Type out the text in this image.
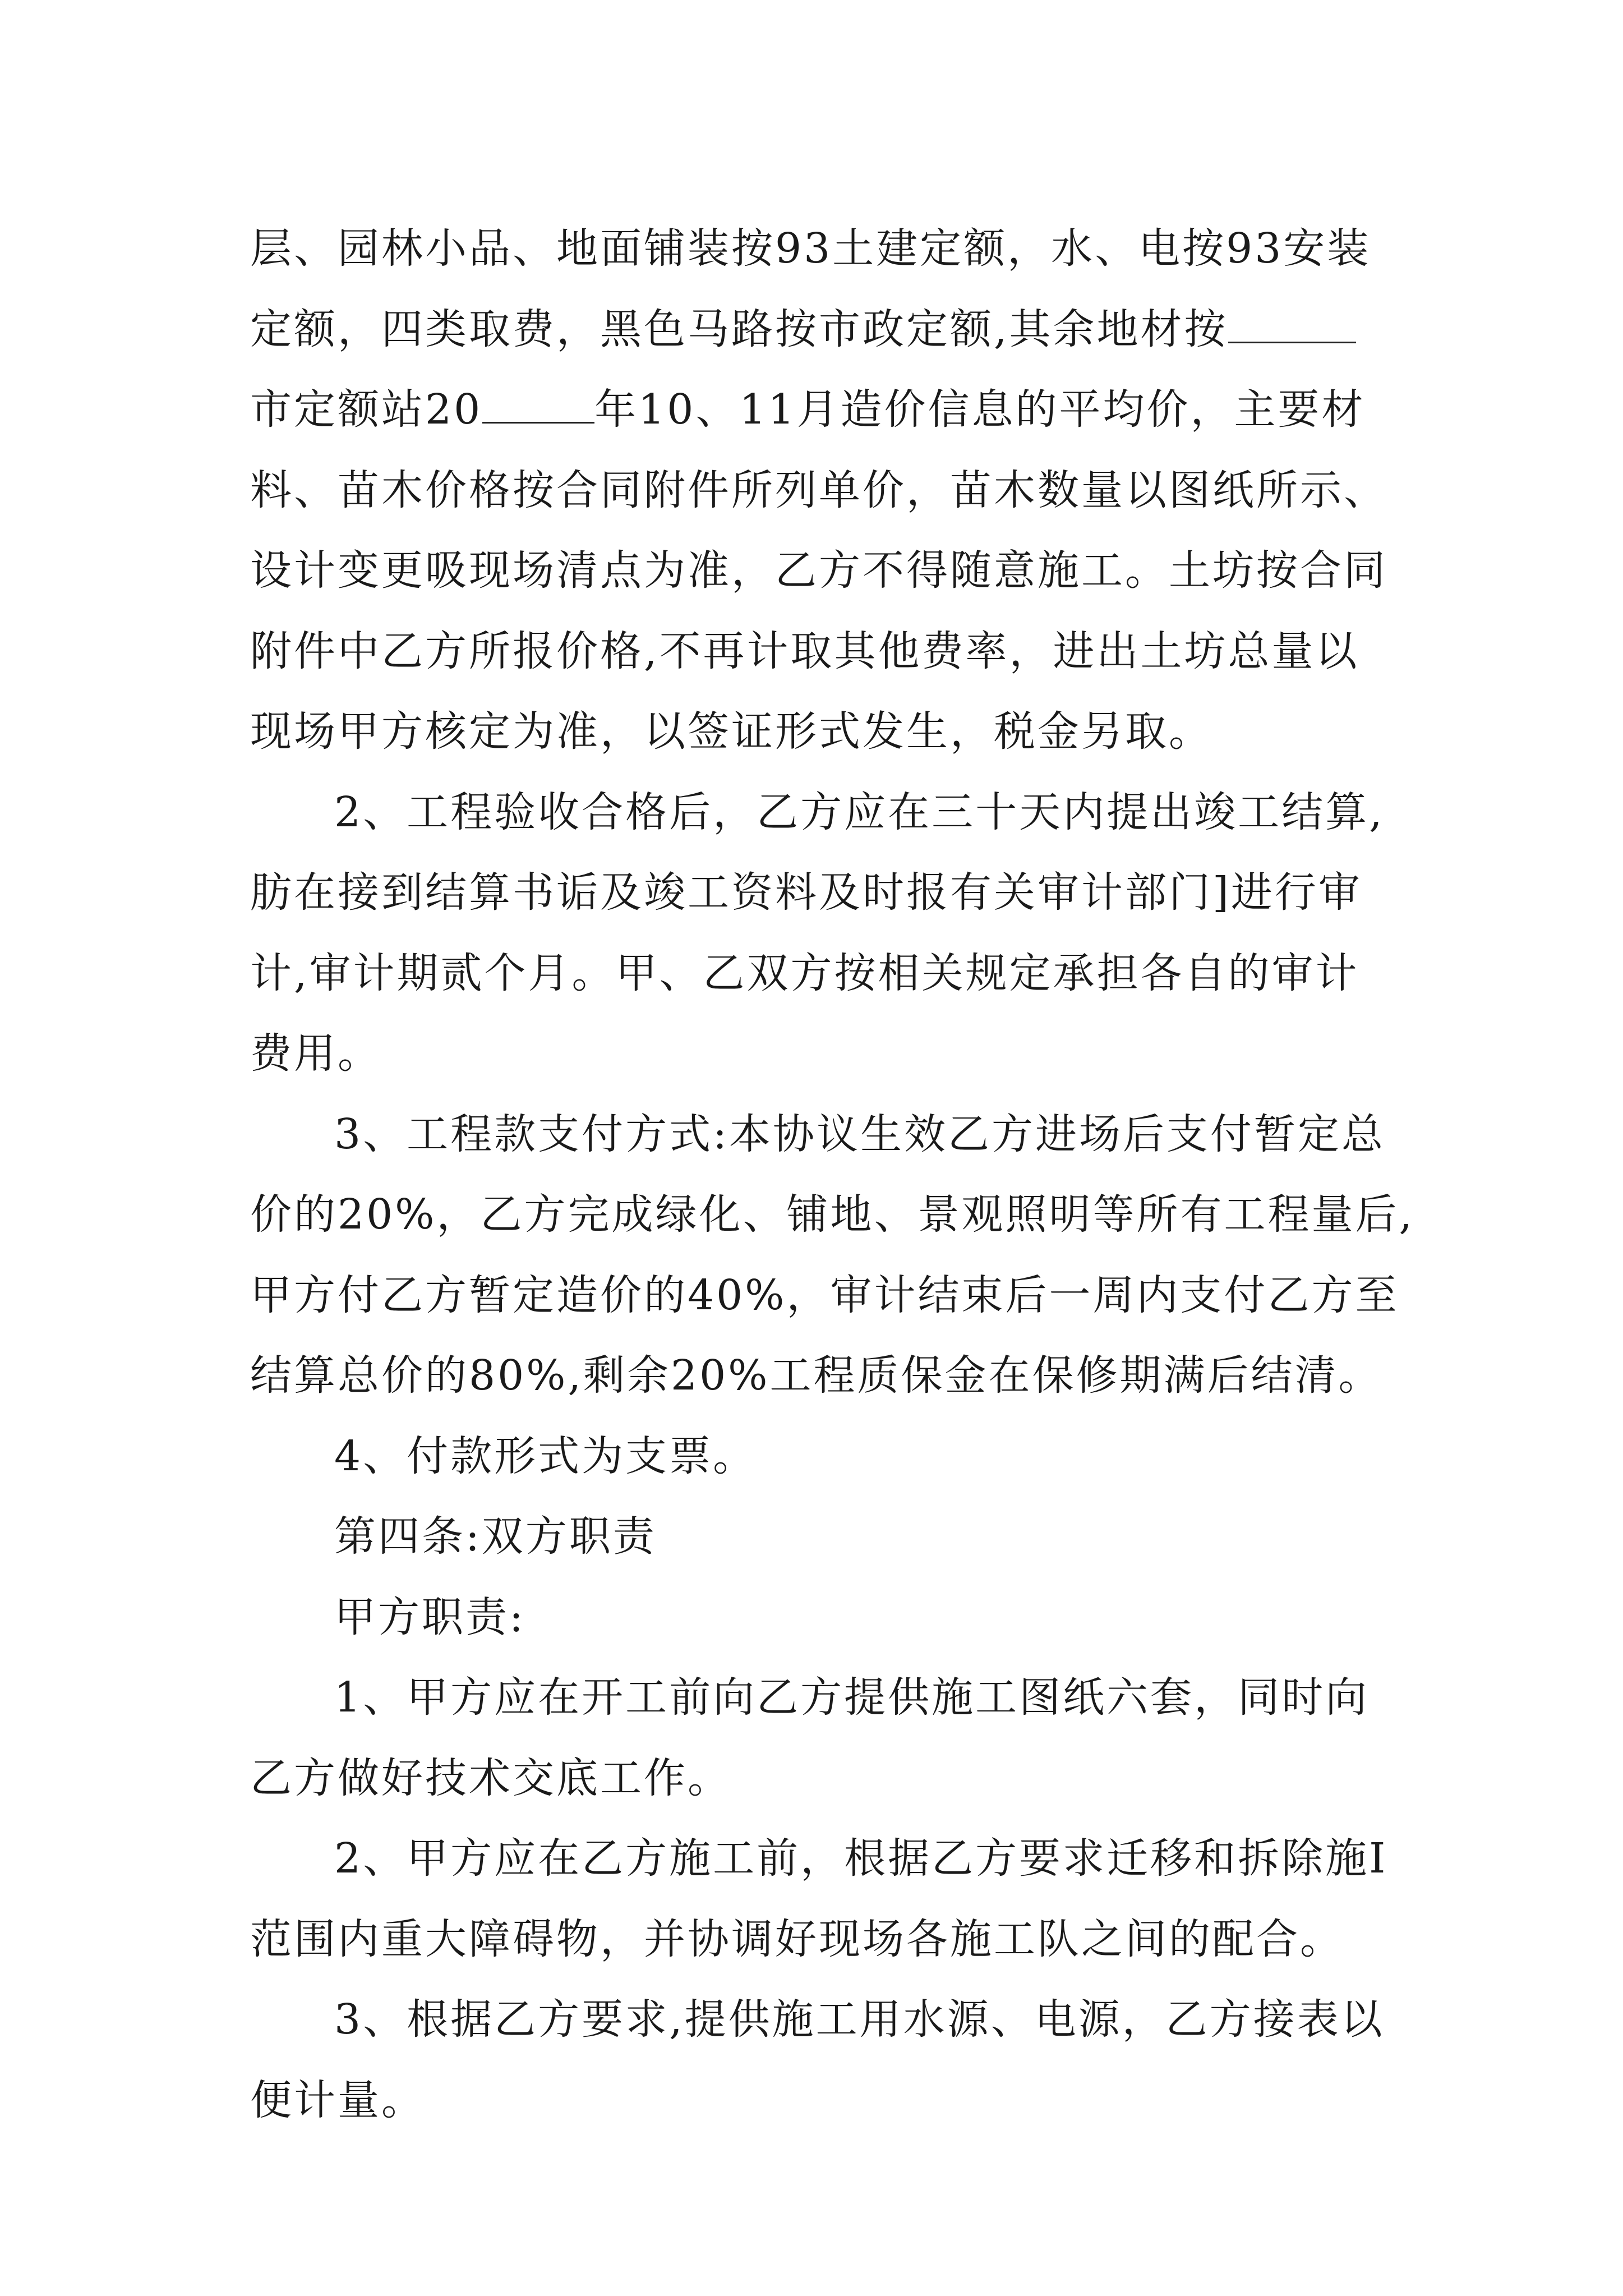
层、园林小品、地面铺装按93土建定额，水、电按93安装
定额，四类取费，黑色马路按市政定额,其余地材按
市定额站20	年10、11月造价信息的平均价，主要材
料、苗木价格按合同附件所列单价，苗木数量以图纸所示、
设计变更吸现场清点为准，乙方不得随意施工。土坊按合同
附件中乙方所报价格,不再计取其他费率，进出土坊总量以
现场甲方核定为准，以签证形式发生，税金另取。
2、工程验收合格后，乙方应在三十天内提出竣工结算,
肪在接到结算书诟及竣工资料及时报有关审计部门]进行审
计,审计期贰个月。甲、乙双方按相关规定承担各自的审计
费用。
3、工程款支付方式:本协议生效乙方进场后支付暂定总
价的20%，乙方完成绿化、铺地、景观照明等所有工程量后,
甲方付乙方暂定造价的40%，审计结束后一周内支付乙方至
结算总价的80%,剩余20%工程质保金在保修期满后结清。
4、付款形式为支票。
第四条:双方职责
甲方职责:
1、甲方应在开工前向乙方提供施工图纸六套，同时向
乙方做好技术交底工作。
2、甲方应在乙方施工前，根据乙方要求迁移和拆除施I
范围内重大障碍物，并协调好现场各施工队之间的配合。
3、根据乙方要求,提供施工用水源、电源，乙方接表以
便计量。
